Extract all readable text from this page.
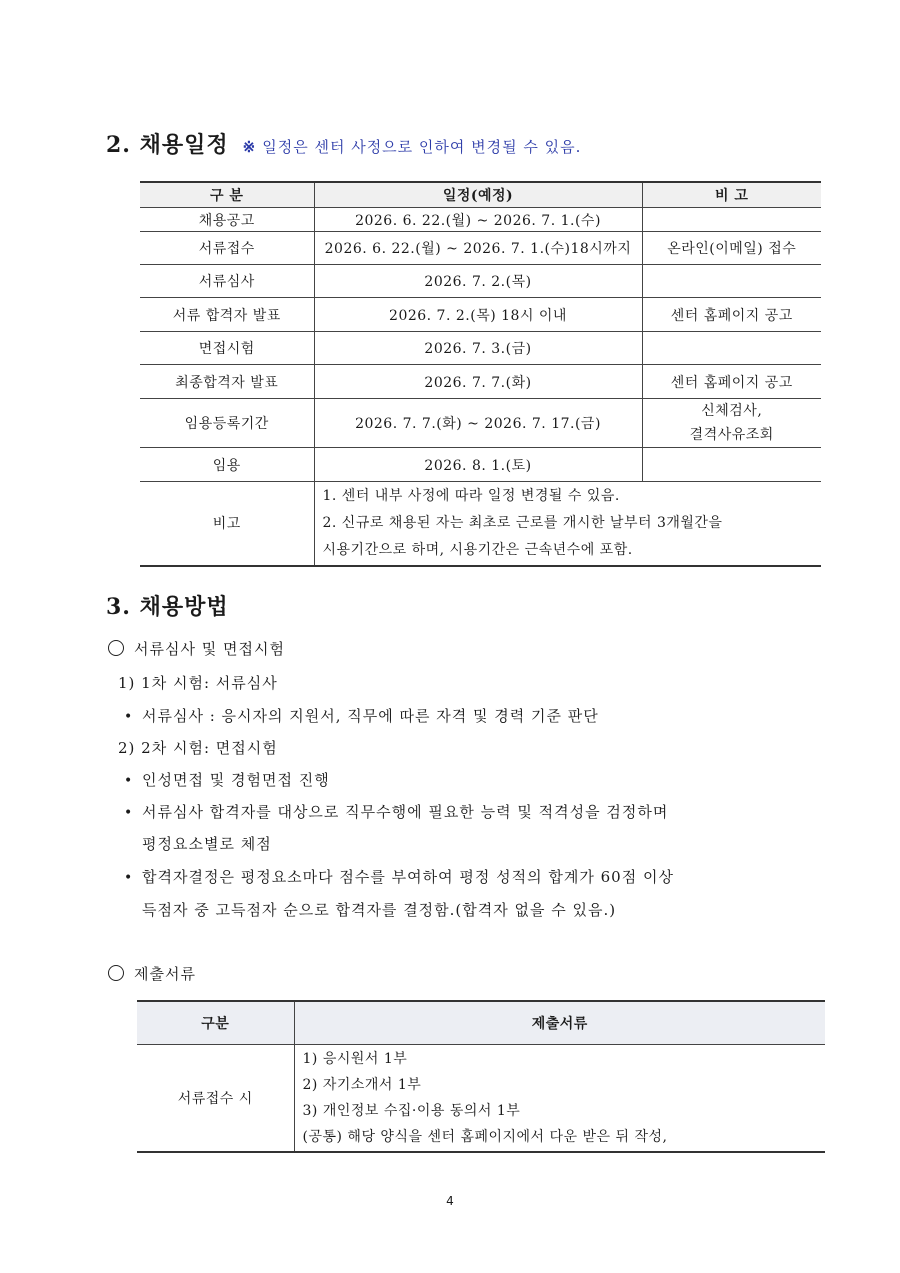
2. 채용일정 ※ 일정은 센터 사정으로 인하여 변경될 수 있음.
구 분	일정(예정)	비 고
채용공고	2026. 6. 22.(월) ~ 2026. 7. 1.(수)	
서류접수	2026. 6. 22.(월) ~ 2026. 7. 1.(수)18시까지	온라인(이메일) 접수
서류심사	2026. 7. 2.(목)	
서류 합격자 발표	2026. 7. 2.(목) 18시 이내	센터 홈페이지 공고
면접시험	2026. 7. 3.(금)	
최종합격자 발표	2026. 7. 7.(화)	센터 홈페이지 공고
임용등록기간	2026. 7. 7.(화) ~ 2026. 7. 17.(금)	신체검사,
결격사유조회

임용	2026. 8. 1.(토)	
비고	1. 센터 내부 사정에 따라 일정 변경될 수 있음.
2. 신규로 채용된 자는 최초로 근로를 개시한 날부터 3개월간을
시용기간으로 하며, 시용기간은 근속년수에 포함.	
3. 채용방법
서류심사 및 면접시험
1) 1차 시험: 서류심사
• 서류심사 : 응시자의 지원서, 직무에 따른 자격 및 경력 기준 판단
2) 2차 시험: 면접시험
• 인성면접 및 경험면접 진행
• 서류심사 합격자를 대상으로 직무수행에 필요한 능력 및 적격성을 검정하며
평정요소별로 체점
• 합격자결정은 평정요소마다 점수를 부여하여 평정 성적의 합계가 60점 이상
득점자 중 고득점자 순으로 합격자를 결정함.(합격자 없을 수 있음.)
제출서류
구분	제출서류
서류접수 시	1) 응시원서 1부
2) 자기소개서 1부
3) 개인정보 수집·이용 동의서 1부
(공통) 해당 양식을 센터 홈페이지에서 다운 받은 뒤 작성,
4
